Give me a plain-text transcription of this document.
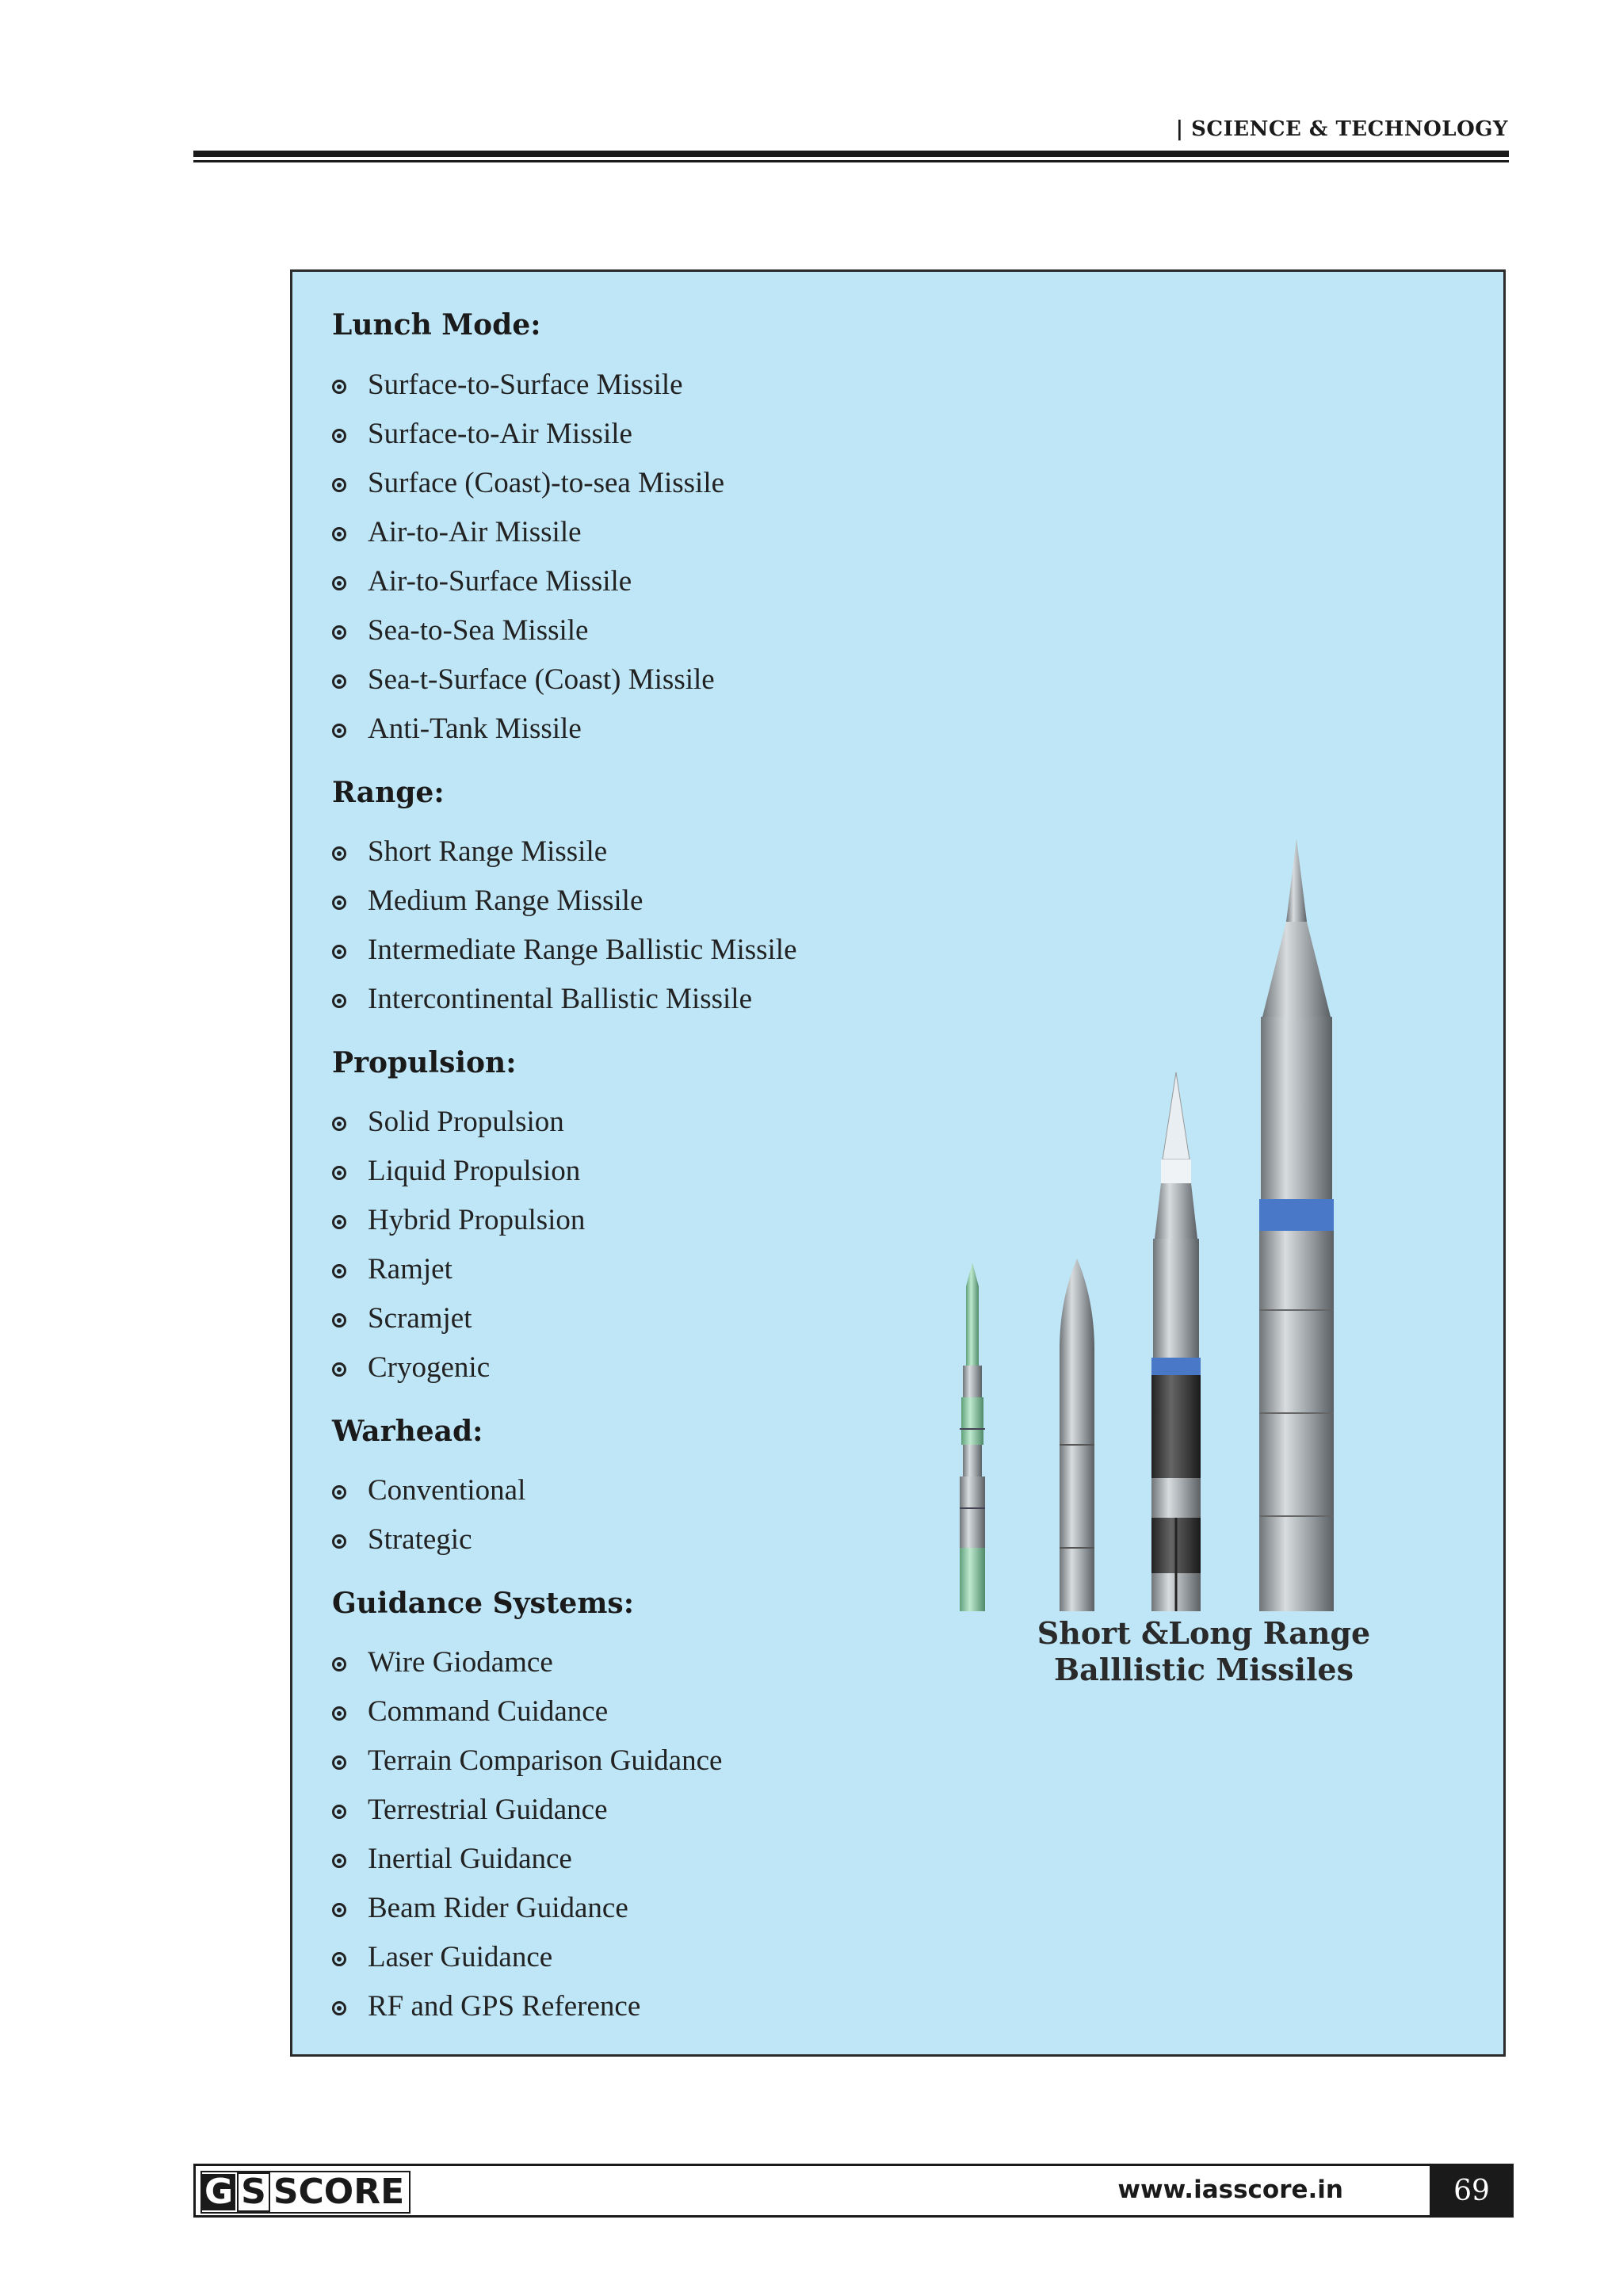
| SCIENCE & TECHNOLOGY
Lunch Mode:
Surface-to-Surface Missile
Surface-to-Air Missile
Surface (Coast)-to-sea Missile
Air-to-Air Missile
Air-to-Surface Missile
Sea-to-Sea Missile
Sea-t-Surface (Coast) Missile
Anti-Tank Missile
Range:
Short Range Missile
Medium Range Missile
Intermediate Range Ballistic Missile
Intercontinental Ballistic Missile
Propulsion:
Solid Propulsion
Liquid Propulsion
Hybrid Propulsion
Ramjet
Scramjet
Cryogenic
Warhead:
Conventional
Strategic
Guidance Systems:
Wire Giodamce
Command Cuidance
Terrain Comparison Guidance
Terrestrial Guidance
Inertial Guidance
Beam Rider Guidance
Laser Guidance
RF and GPS Reference
Short &Long Range
Balllistic Missiles
G S SCORE	www.iasscore.in	69
